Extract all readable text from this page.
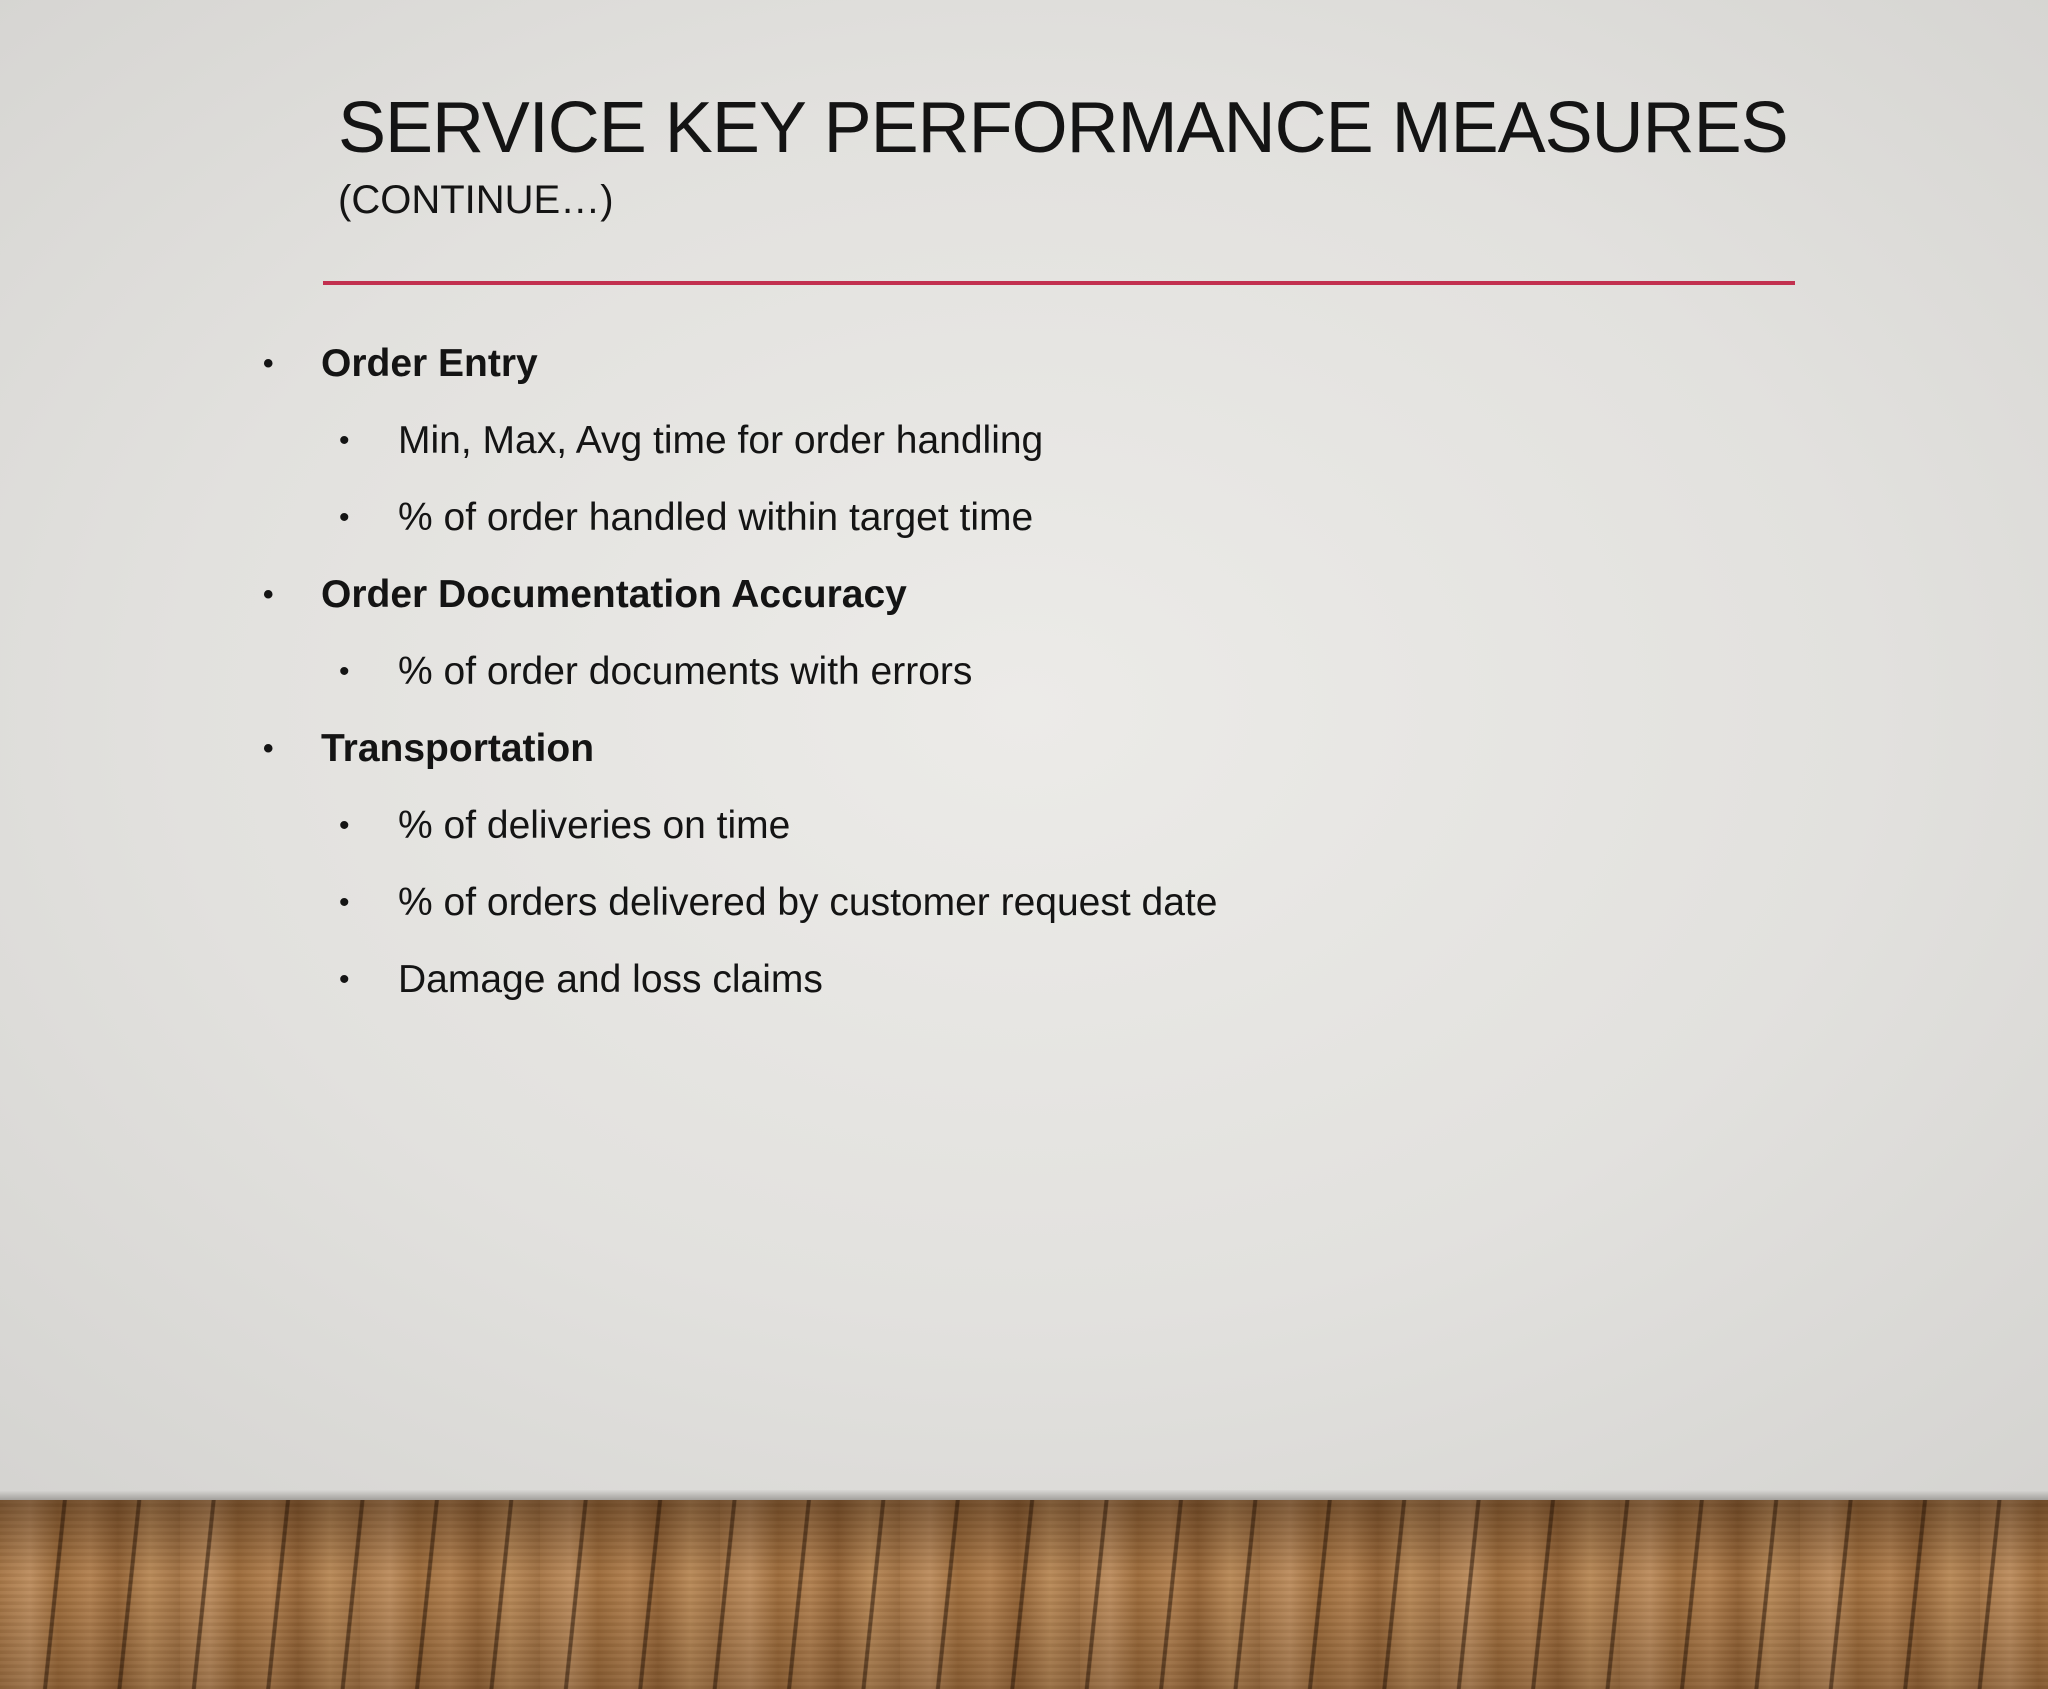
SERVICE KEY PERFORMANCE MEASURES
(CONTINUE…)
• Order Entry
• Min, Max, Avg time for order handling
• % of order handled within target time
• Order Documentation Accuracy
• % of order documents with errors
• Transportation
• % of deliveries on time
• % of orders delivered by customer request date
• Damage and loss claims
